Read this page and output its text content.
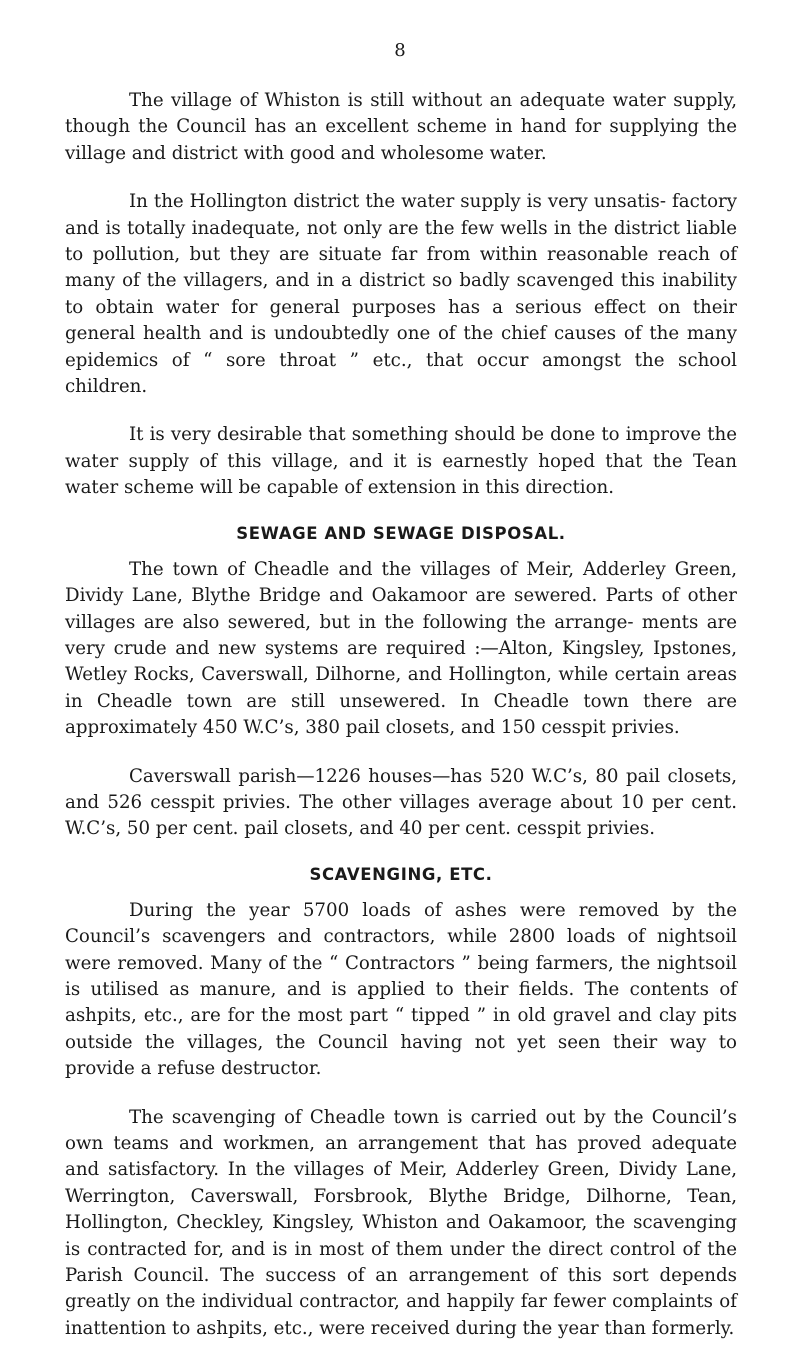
8

The village of Whiston is still without an adequate water supply, though the Council has an excellent scheme in hand for supplying the village and district with good and wholesome water.

In the Hollington district the water supply is very unsatis- factory and is totally inadequate, not only are the few wells in the district liable to pollution, but they are situate far from within reasonable reach of many of the villagers, and in a district so badly scavenged this inability to obtain water for general purposes has a serious effect on their general health and is undoubtedly one of the chief causes of the many epidemics of “ sore throat ” etc., that occur amongst the school children.

It is very desirable that something should be done to improve the water supply of this village, and it is earnestly hoped that the Tean water scheme will be capable of extension in this direction.

SEWAGE AND SEWAGE DISPOSAL.

The town of Cheadle and the villages of Meir, Adderley Green, Dividy Lane, Blythe Bridge and Oakamoor are sewered. Parts of other villages are also sewered, but in the following the arrange- ments are very crude and new systems are required :—Alton, Kingsley, Ipstones, Wetley Rocks, Caverswall, Dilhorne, and Hollington, while certain areas in Cheadle town are still unsewered. In Cheadle town there are approximately 450 W.C’s, 380 pail closets, and 150 cesspit privies.

Caverswall parish—1226 houses—has 520 W.C’s, 80 pail closets, and 526 cesspit privies. The other villages average about 10 per cent. W.C’s, 50 per cent. pail closets, and 40 per cent. cesspit privies.

SCAVENGING, ETC.

During the year 5700 loads of ashes were removed by the Council’s scavengers and contractors, while 2800 loads of nightsoil were removed. Many of the “ Contractors ” being farmers, the nightsoil is utilised as manure, and is applied to their fields. The contents of ashpits, etc., are for the most part “ tipped ” in old gravel and clay pits outside the villages, the Council having not yet seen their way to provide a refuse destructor.

The scavenging of Cheadle town is carried out by the Council’s own teams and workmen, an arrangement that has proved adequate and satisfactory. In the villages of Meir, Adderley Green, Dividy Lane, Werrington, Caverswall, Forsbrook, Blythe Bridge, Dilhorne, Tean, Hollington, Checkley, Kingsley, Whiston and Oakamoor, the scavenging is contracted for, and is in most of them under the direct control of the Parish Council. The success of an arrangement of this sort depends greatly on the individual contractor, and happily far fewer complaints of inattention to ashpits, etc., were received during the year than formerly.
